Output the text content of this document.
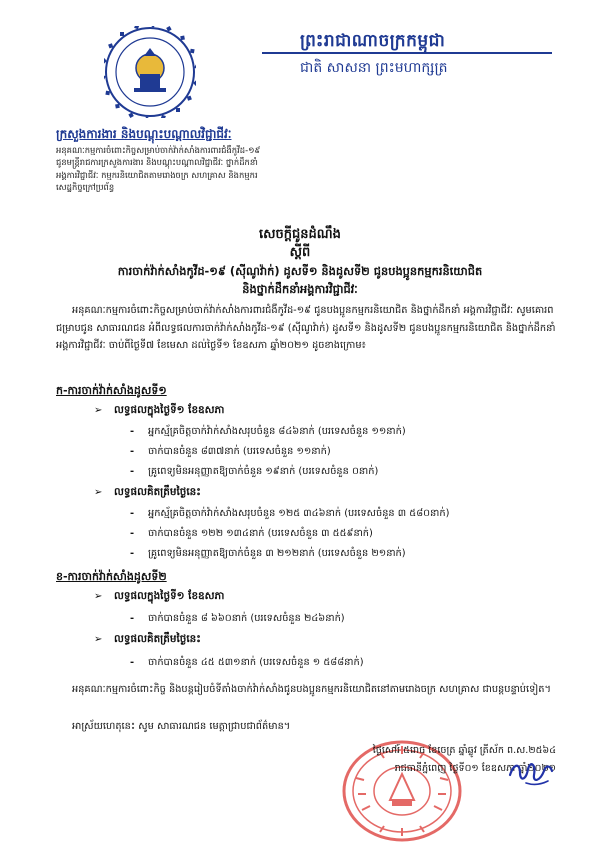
ព្រះរាជាណាចក្រកម្ពុជា
ជាតិ សាសនា ព្រះមហាក្សត្រ
ក្រសួងការងារ និងបណ្ដុះបណ្ដាលវិជ្ជាជីវៈ
អនុគណៈកម្មការចំពោះកិច្ចសម្រាប់ចាក់វ៉ាក់សាំងការពារជំងឺកូវីដ-១៩
ជូនមន្ត្រីរាជការក្រសួងការងារ និងបណ្ដុះបណ្ដាលវិជ្ជាជីវៈ ថ្នាក់ដឹកនាំ
អង្គការវិជ្ជាជីវៈ កម្មករនិយោជិតតាមរោងចក្រ សហគ្រាស និងកម្មករ
សេដ្ឋកិច្ចក្រៅប្រព័ន្ធ
សេចក្ដីជូនដំណឹង
ស្ដីពី
ការចាក់វ៉ាក់សាំងកូវីដ-១៩ (ស៊ីណូវ៉ាក់) ដូសទី១ និងដូសទី២ ជូនបងប្អូនកម្មករនិយោជិត
និងថ្នាក់ដឹកនាំអង្គការវិជ្ជាជីវៈ
អនុគណៈកម្មការចំពោះកិច្ចសម្រាប់ចាក់វ៉ាក់សាំងការពារជំងឺកូវីដ-១៩ ជូនបងប្អូនកម្មករនិយោជិត និងថ្នាក់ដឹកនាំ អង្គការវិជ្ជាជីវៈ សូមគោរពជម្រាបជូន សាធារណជន អំពីលទ្ធផលការចាក់វ៉ាក់សាំងកូវីដ-១៩ (ស៊ីណូវ៉ាក់) ដូសទី១ និងដូសទី២ ជូនបងប្អូនកម្មករនិយោជិត និងថ្នាក់ដឹកនាំអង្គការវិជ្ជាជីវៈ ចាប់ពីថ្ងៃទី៧ ខែមេសា ដល់ថ្ងៃទី១ ខែឧសភា ឆ្នាំ២០២១ ដូចខាងក្រោម៖
ក-ការចាក់វ៉ាក់សាំងដូសទី១
➢ លទ្ធផលក្នុងថ្ងៃទី១ ខែឧសភា
- អ្នកស្ម័គ្រចិត្តចាក់វ៉ាក់សាំងសរុបចំនួន ៨៤៦នាក់ (បរទេសចំនួន ១១នាក់)
- ចាក់បានចំនួន ៨៣៧នាក់ (បរទេសចំនួន ១១នាក់)
- គ្រូពេទ្យមិនអនុញ្ញាតឱ្យចាក់ចំនួន ១៩នាក់ (បរទេសចំនួន ០នាក់)
➢ លទ្ធផលគិតត្រឹមថ្ងៃនេះ
- អ្នកស្ម័គ្រចិត្តចាក់វ៉ាក់សាំងសរុបចំនួន ១២៥ ៣៤៦នាក់ (បរទេសចំនួន ៣ ៥៨០នាក់)
- ចាក់បានចំនួន ១២២ ១៣៤នាក់ (បរទេសចំនួន ៣ ៥៥៩នាក់)
- គ្រូពេទ្យមិនអនុញ្ញាតឱ្យចាក់ចំនួន ៣ ២១២នាក់ (បរទេសចំនួន ២១នាក់)
ខ-ការចាក់វ៉ាក់សាំងដូសទី២
➢ លទ្ធផលក្នុងថ្ងៃទី១ ខែឧសភា
- ចាក់បានចំនួន ៨ ៦៦០នាក់ (បរទេសចំនួន ២៤៦នាក់)
➢ លទ្ធផលគិតត្រឹមថ្ងៃនេះ
- ចាក់បានចំនួន ៤៥ ៥៣១នាក់ (បរទេសចំនួន ១ ៥៨៨នាក់)
អនុគណៈកម្មការចំពោះកិច្ច និងបន្តរៀបចំទីតាំងចាក់វ៉ាក់សាំងជូនបងប្អូនកម្មករនិយោជិតនៅតាមរោងចក្រ សហគ្រាស ជាបន្តបន្ទាប់ទៀត។
អាស្រ័យហេតុនេះ សូម សាធារណជន មេត្តាជ្រាបជាព័ត៌មាន។
ថ្ងៃសៅរ៍ ៥រោច ខែចេត្រ ឆ្នាំឆ្លូវ ត្រីស័ក ព.ស.២៥៦៤
រាជធានីភ្នំពេញ ថ្ងៃទី០១ ខែឧសភា ឆ្នាំ២០២១
